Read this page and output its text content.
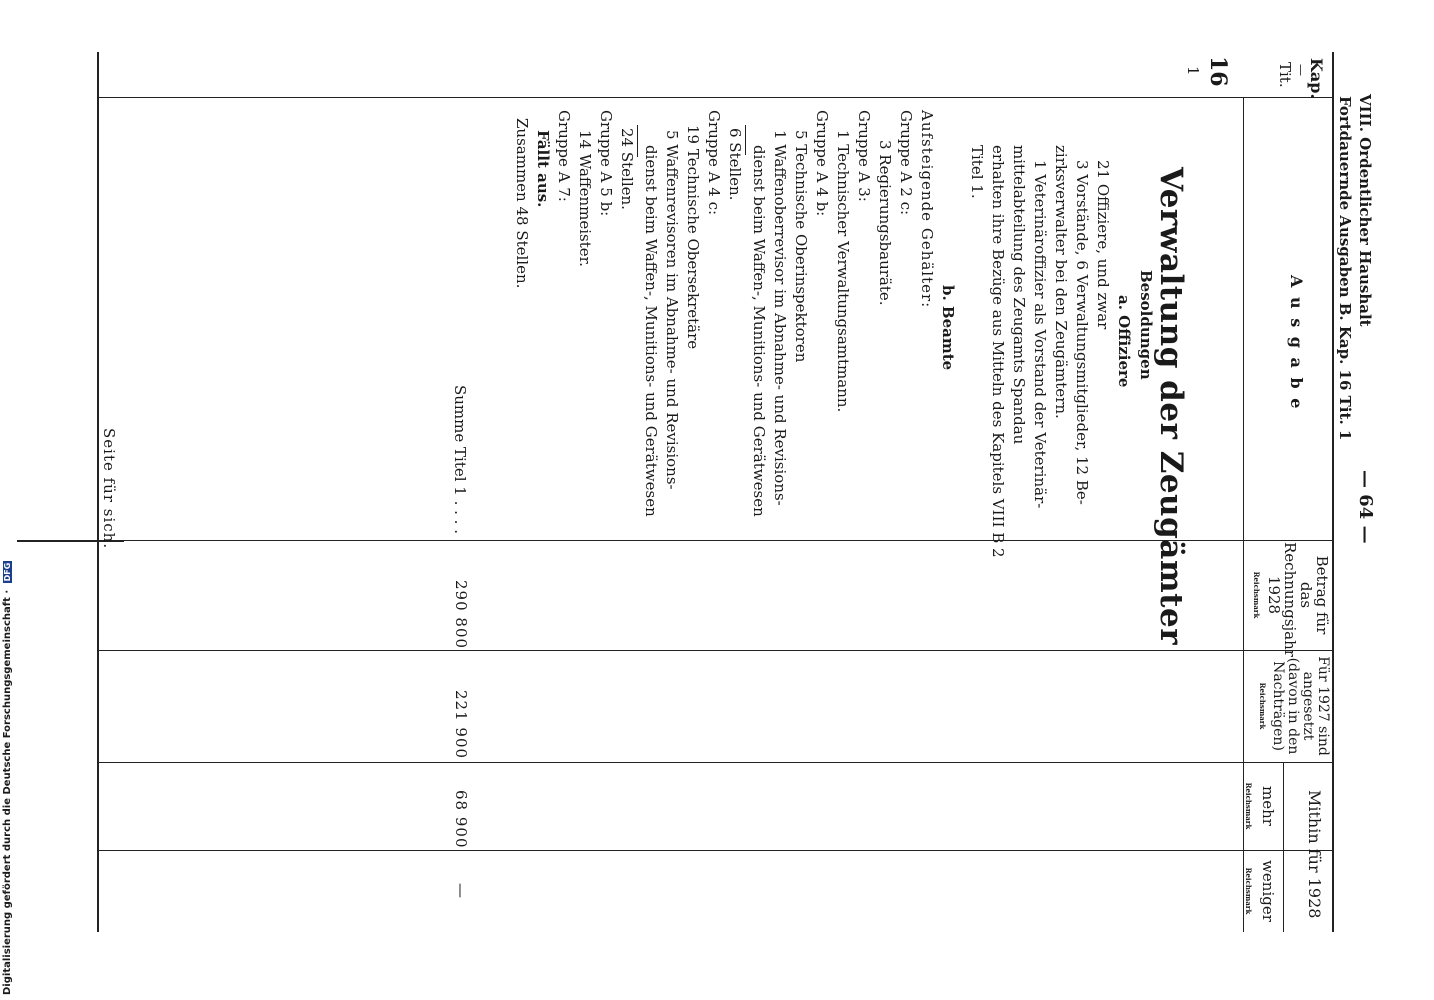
VIII. Ordentlicher Haushalt
Fortdauernde Ausgaben B. Kap. 16 Tit. 1
— 64 —
Kap.
—
Tit.
A u s g a b e
Betrag für das Rechnungsjahr 1928
Reichsmark
Für 1927 sind angesetzt (davon in den Nachträgen)
Reichsmark
Mithin für 1928
mehr
Reichsmark
weniger
Reichsmark
16
1
Verwaltung der Zeugämter
Besoldungen
a. Offiziere
21 Offiziere, und zwar
3 Vorstände, 6 Verwaltungsmitglieder, 12 Be-
zirksverwalter bei den Zeugämtern.
1 Veterinäroffizier als Vorstand der Veterinär-
mittelabteilung des Zeugamts Spandau
erhalten ihre Bezüge aus Mitteln des Kapitels VIII B 2
Titel 1.
b. Beamte
Aufsteigende Gehälter:
Gruppe A 2 c:
3 Regierungsbauräte.
Gruppe A 3:
1 Technischer Verwaltungsamtmann.
Gruppe A 4 b:
5 Technische Oberinspektoren
1 Waffenoberrevisor im Abnahme- und Revisions-
dienst beim Waffen-, Munitions- und Gerätwesen
6 Stellen.
Gruppe A 4 c:
19 Technische Obersekretäre
5 Waffenrevisoren im Abnahme- und Revisions-
dienst beim Waffen-, Munitions- und Gerätwesen
24 Stellen.
Gruppe A 5 b:
14 Waffenmeister.
Gruppe A 7:
Fällt aus.
Zusammen 48 Stellen.
Summe Titel 1 . . . .
290 800
221 900
68 900
—
Seite für sich.
Digitalisierung gefördert durch die Deutsche Forschungsgemeinschaft · DFG
